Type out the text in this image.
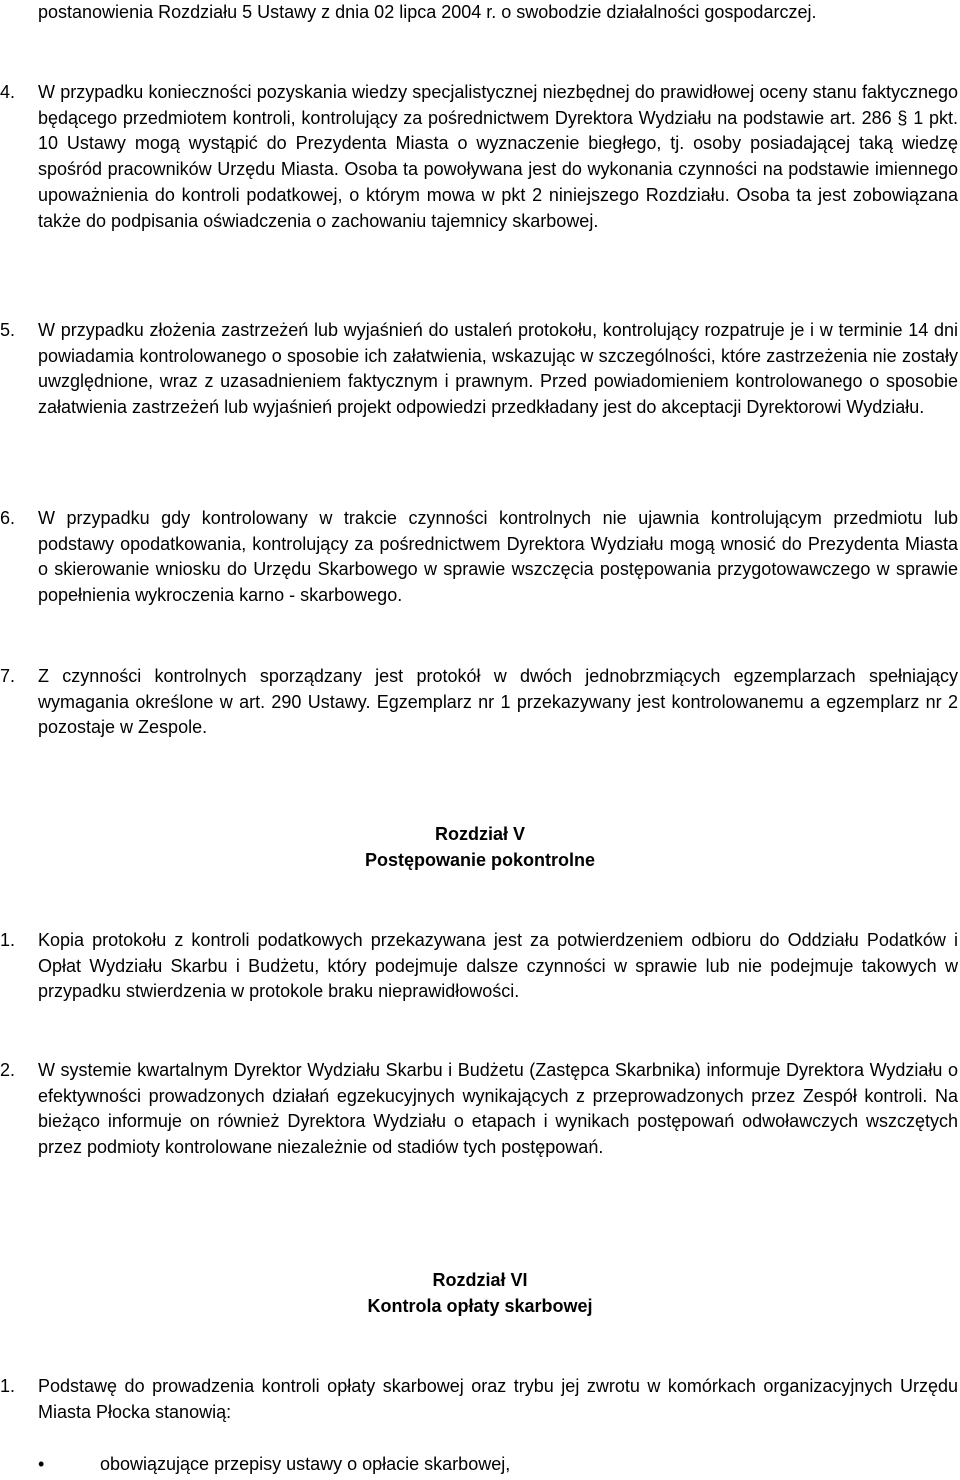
postanowienia Rozdziału 5 Ustawy z dnia 02 lipca 2004 r. o swobodzie działalności gospodarczej.

4.	W przypadku konieczności pozyskania wiedzy specjalistycznej niezbędnej do prawidłowej oceny stanu faktycznego będącego przedmiotem kontroli, kontrolujący za pośrednictwem Dyrektora Wydziału na podstawie art. 286 § 1 pkt. 10 Ustawy mogą wystąpić do Prezydenta Miasta o wyznaczenie biegłego, tj. osoby posiadającej taką wiedzę spośród pracowników Urzędu Miasta. Osoba ta powoływana jest do wykonania czynności na podstawie imiennego upoważnienia do kontroli podatkowej, o którym mowa w pkt 2 niniejszego Rozdziału. Osoba ta jest zobowiązana także do podpisania oświadczenia o zachowaniu tajemnicy skarbowej.

5.	W przypadku złożenia zastrzeżeń lub wyjaśnień do ustaleń protokołu, kontrolujący rozpatruje je i w terminie 14 dni powiadamia kontrolowanego o sposobie ich załatwienia, wskazując w szczególności, które zastrzeżenia nie zostały uwzględnione, wraz z uzasadnieniem faktycznym i prawnym. Przed powiadomieniem kontrolowanego o sposobie załatwienia zastrzeżeń lub wyjaśnień projekt odpowiedzi przedkładany jest do akceptacji Dyrektorowi Wydziału.

6.	W przypadku gdy kontrolowany w trakcie czynności kontrolnych nie ujawnia kontrolującym przedmiotu lub podstawy opodatkowania, kontrolujący za pośrednictwem Dyrektora Wydziału mogą wnosić do Prezydenta Miasta o skierowanie wniosku do Urzędu Skarbowego w sprawie wszczęcia postępowania przygotowawczego w sprawie popełnienia wykroczenia karno - skarbowego.

7.	Z czynności kontrolnych sporządzany jest protokół w dwóch jednobrzmiących egzemplarzach spełniający wymagania określone w art. 290 Ustawy. Egzemplarz nr 1 przekazywany jest kontrolowanemu a egzemplarz nr 2 pozostaje w Zespole.

Rozdział V

Postępowanie pokontrolne

1.	Kopia protokołu z kontroli podatkowych przekazywana jest za potwierdzeniem odbioru do Oddziału Podatków i Opłat Wydziału Skarbu i Budżetu, który podejmuje dalsze czynności w sprawie lub nie podejmuje takowych w przypadku stwierdzenia w protokole braku nieprawidłowości.

2.	W systemie kwartalnym Dyrektor Wydziału Skarbu i Budżetu (Zastępca Skarbnika) informuje Dyrektora Wydziału o efektywności prowadzonych działań egzekucyjnych wynikających z przeprowadzonych przez Zespół kontroli. Na bieżąco informuje on również Dyrektora Wydziału o etapach i wynikach postępowań odwoławczych wszczętych przez podmioty kontrolowane niezależnie od stadiów tych postępowań.

Rozdział VI

Kontrola opłaty skarbowej

1.	Podstawę do prowadzenia kontroli opłaty skarbowej oraz trybu jej zwrotu w komórkach organizacyjnych Urzędu Miasta Płocka stanowią:

•	obowiązujące przepisy ustawy o opłacie skarbowej,
